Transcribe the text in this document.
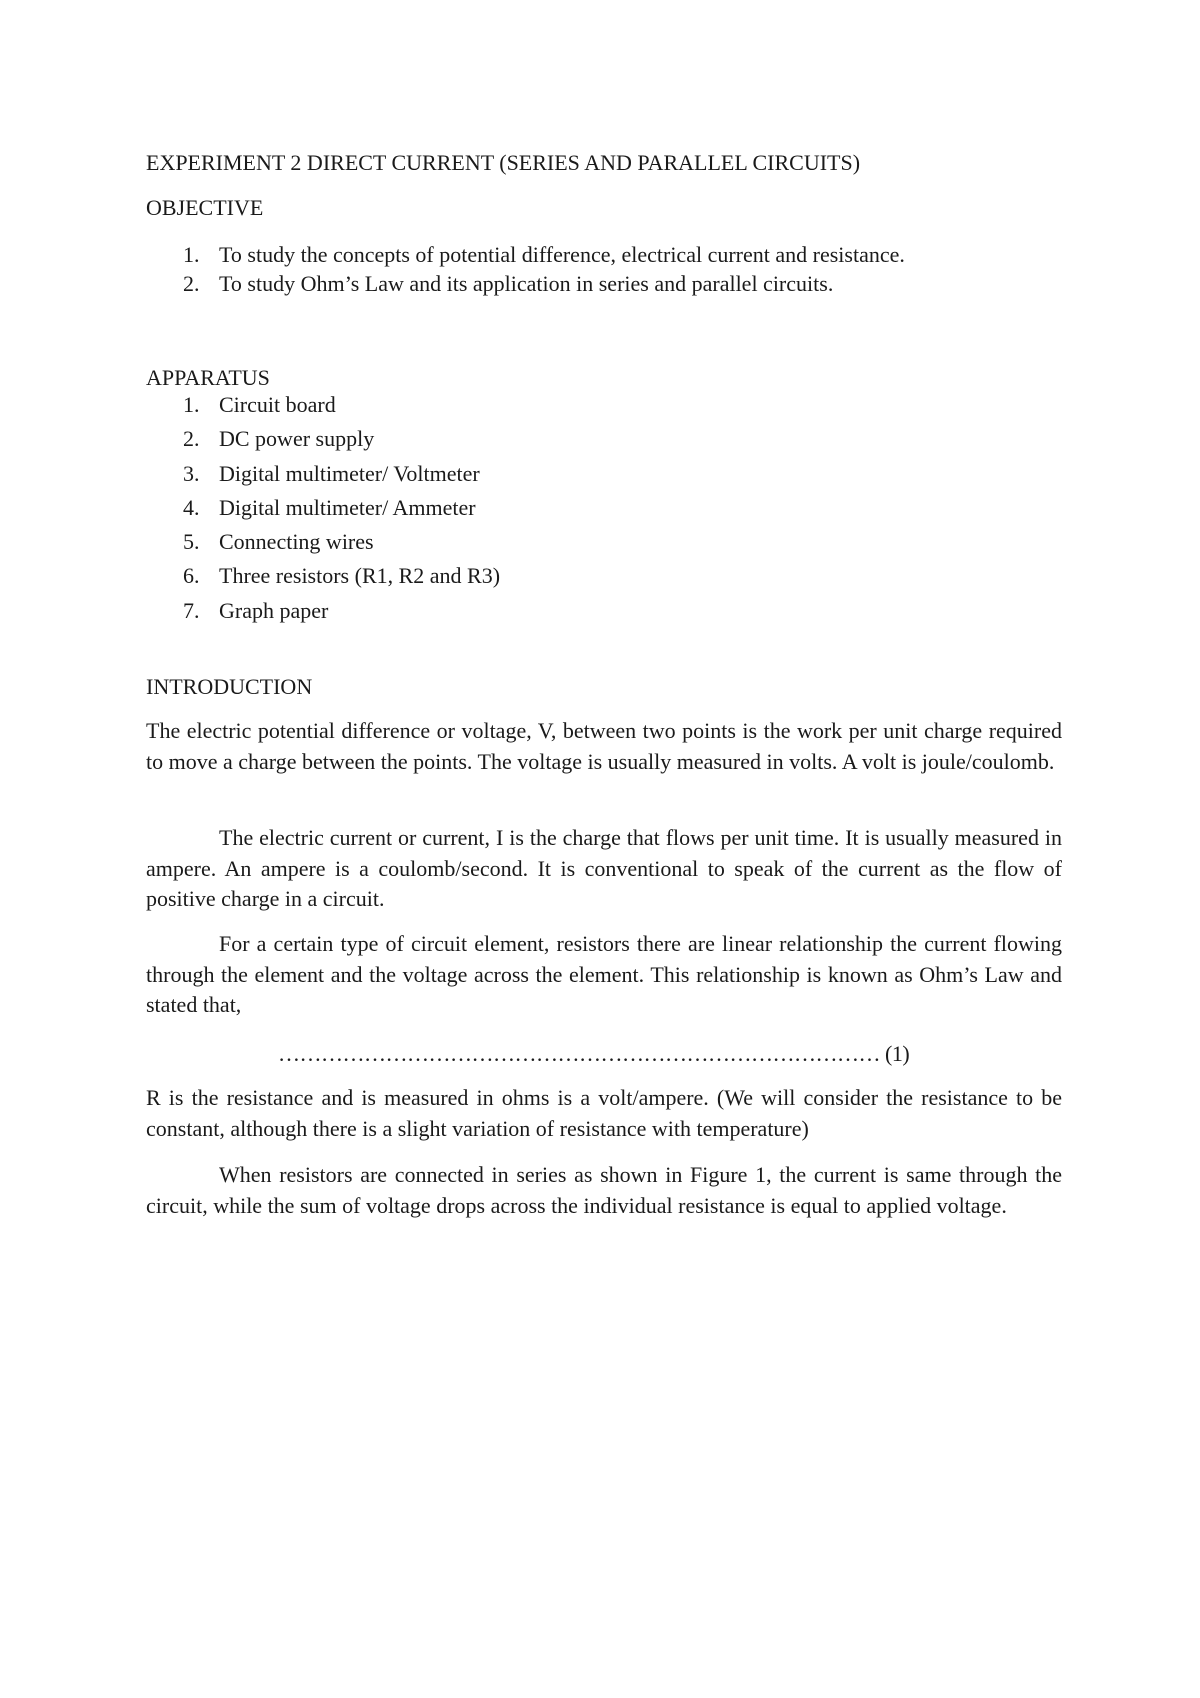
EXPERIMENT 2 DIRECT CURRENT (SERIES AND PARALLEL CIRCUITS)
OBJECTIVE
1. To study the concepts of potential difference, electrical current and resistance.
2. To study Ohm’s Law and its application in series and parallel circuits.
APPARATUS
1. Circuit board
2. DC power supply
3. Digital multimeter/ Voltmeter
4. Digital multimeter/ Ammeter
5. Connecting wires
6. Three resistors (R1, R2 and R3)
7. Graph paper
INTRODUCTION

The electric potential difference or voltage, V, between two points is the work per unit charge required to move a charge between the points. The voltage is usually measured in volts. A volt is joule/coulomb.

The electric current or current, I is the charge that flows per unit time. It is usually measured in ampere. An ampere is a coulomb/second. It is conventional to speak of the current as the flow of positive charge in a circuit.

For a certain type of circuit element, resistors there are linear relationship the current flowing through the element and the voltage across the element. This relationship is known as Ohm’s Law and stated that,

………………………………………………………………………… (1)

R is the resistance and is measured in ohms is a volt/ampere. (We will consider the resistance to be constant, although there is a slight variation of resistance with temperature)

When resistors are connected in series as shown in Figure 1, the current is same through the circuit, while the sum of voltage drops across the individual resistance is equal to applied voltage.
